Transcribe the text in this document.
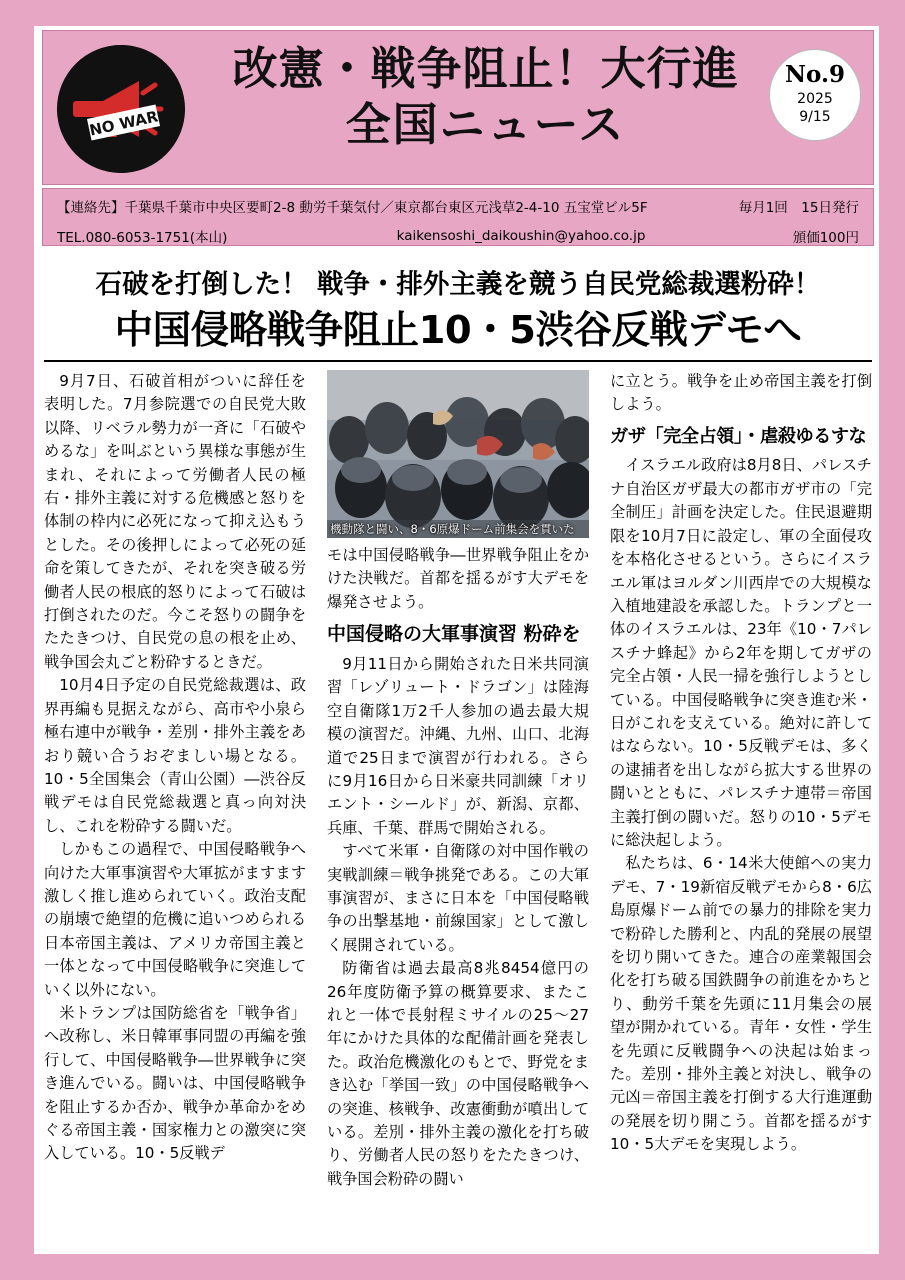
NO WAR
改憲・戦争阻止！大行進
全国ニュース
No.9
2025
9/15
【連絡先】千葉県千葉市中央区要町2-8 動労千葉気付／東京都台東区元浅草2-4-10 五宝堂ビル5F	毎月1回　15日発行
TEL.080-6053-1751(本山)	kaikensoshi_daikoushin@yahoo.co.jp	頒価100円
石破を打倒した！ 戦争・排外主義を競う自民党総裁選粉砕！
中国侵略戦争阻止10・5渋谷反戦デモへ

9月7日、石破首相がついに辞任を表明した。7月参院選での自民党大敗以降、リベラル勢力が一斉に「石破やめるな」を叫ぶという異様な事態が生まれ、それによって労働者人民の極右・排外主義に対する危機感と怒りを体制の枠内に必死になって抑え込もうとした。その後押しによって必死の延命を策してきたが、それを突き破る労働者人民の根底的怒りによって石破は打倒されたのだ。今こそ怒りの闘争をたたきつけ、自民党の息の根を止め、戦争国会丸ごと粉砕するときだ。

10月4日予定の自民党総裁選は、政界再編も見据えながら、高市や小泉ら極右連中が戦争・差別・排外主義をあおり競い合うおぞましい場となる。10・5全国集会（青山公園）―渋谷反戦デモは自民党総裁選と真っ向対決し、これを粉砕する闘いだ。

しかもこの過程で、中国侵略戦争へ向けた大軍事演習や大軍拡がますます激しく推し進められていく。政治支配の崩壊で絶望的危機に追いつめられる日本帝国主義は、アメリカ帝国主義と一体となって中国侵略戦争に突進していく以外にない。

米トランプは国防総省を「戦争省」へ改称し、米日韓軍事同盟の再編を強行して、中国侵略戦争―世界戦争に突き進んでいる。闘いは、中国侵略戦争を阻止するか否か、戦争か革命かをめぐる帝国主義・国家権力との激突に突入している。10・5反戦デ

機動隊と闘い、8・6原爆ドーム前集会を貫いた

モは中国侵略戦争―世界戦争阻止をかけた決戦だ。首都を揺るがす大デモを爆発させよう。

中国侵略の大軍事演習 粉砕を

9月11日から開始された日米共同演習「レゾリュート・ドラゴン」は陸海空自衛隊1万2千人参加の過去最大規模の演習だ。沖縄、九州、山口、北海道で25日まで演習が行われる。さらに9月16日から日米豪共同訓練「オリエント・シールド」が、新潟、京都、兵庫、千葉、群馬で開始される。

すべて米軍・自衛隊の対中国作戦の実戦訓練＝戦争挑発である。この大軍事演習が、まさに日本を「中国侵略戦争の出撃基地・前線国家」として激しく展開されている。

防衛省は過去最高8兆8454億円の26年度防衛予算の概算要求、またこれと一体で長射程ミサイルの25～27年にかけた具体的な配備計画を発表した。政治危機激化のもとで、野党をまき込む「挙国一致」の中国侵略戦争への突進、核戦争、改憲衝動が噴出している。差別・排外主義の激化を打ち破り、労働者人民の怒りをたたきつけ、戦争国会粉砕の闘い

に立とう。戦争を止め帝国主義を打倒しよう。

ガザ「完全占領」・虐殺ゆるすな

イスラエル政府は8月8日、パレスチナ自治区ガザ最大の都市ガザ市の「完全制圧」計画を決定した。住民退避期限を10月7日に設定し、軍の全面侵攻を本格化させるという。さらにイスラエル軍はヨルダン川西岸での大規模な入植地建設を承認した。トランプと一体のイスラエルは、23年《10・7パレスチナ蜂起》から2年を期してガザの完全占領・人民一掃を強行しようとしている。中国侵略戦争に突き進む米・日がこれを支えている。絶対に許してはならない。10・5反戦デモは、多くの逮捕者を出しながら拡大する世界の闘いとともに、パレスチナ連帯＝帝国主義打倒の闘いだ。怒りの10・5デモに総決起しよう。

私たちは、6・14米大使館への実力デモ、7・19新宿反戦デモから8・6広島原爆ドーム前での暴力的排除を実力で粉砕した勝利と、内乱的発展の展望を切り開いてきた。連合の産業報国会化を打ち破る国鉄闘争の前進をかちとり、動労千葉を先頭に11月集会の展望が開かれている。青年・女性・学生を先頭に反戦闘争への決起は始まった。差別・排外主義と対決し、戦争の元凶＝帝国主義を打倒する大行進運動の発展を切り開こう。首都を揺るがす10・5大デモを実現しよう。
